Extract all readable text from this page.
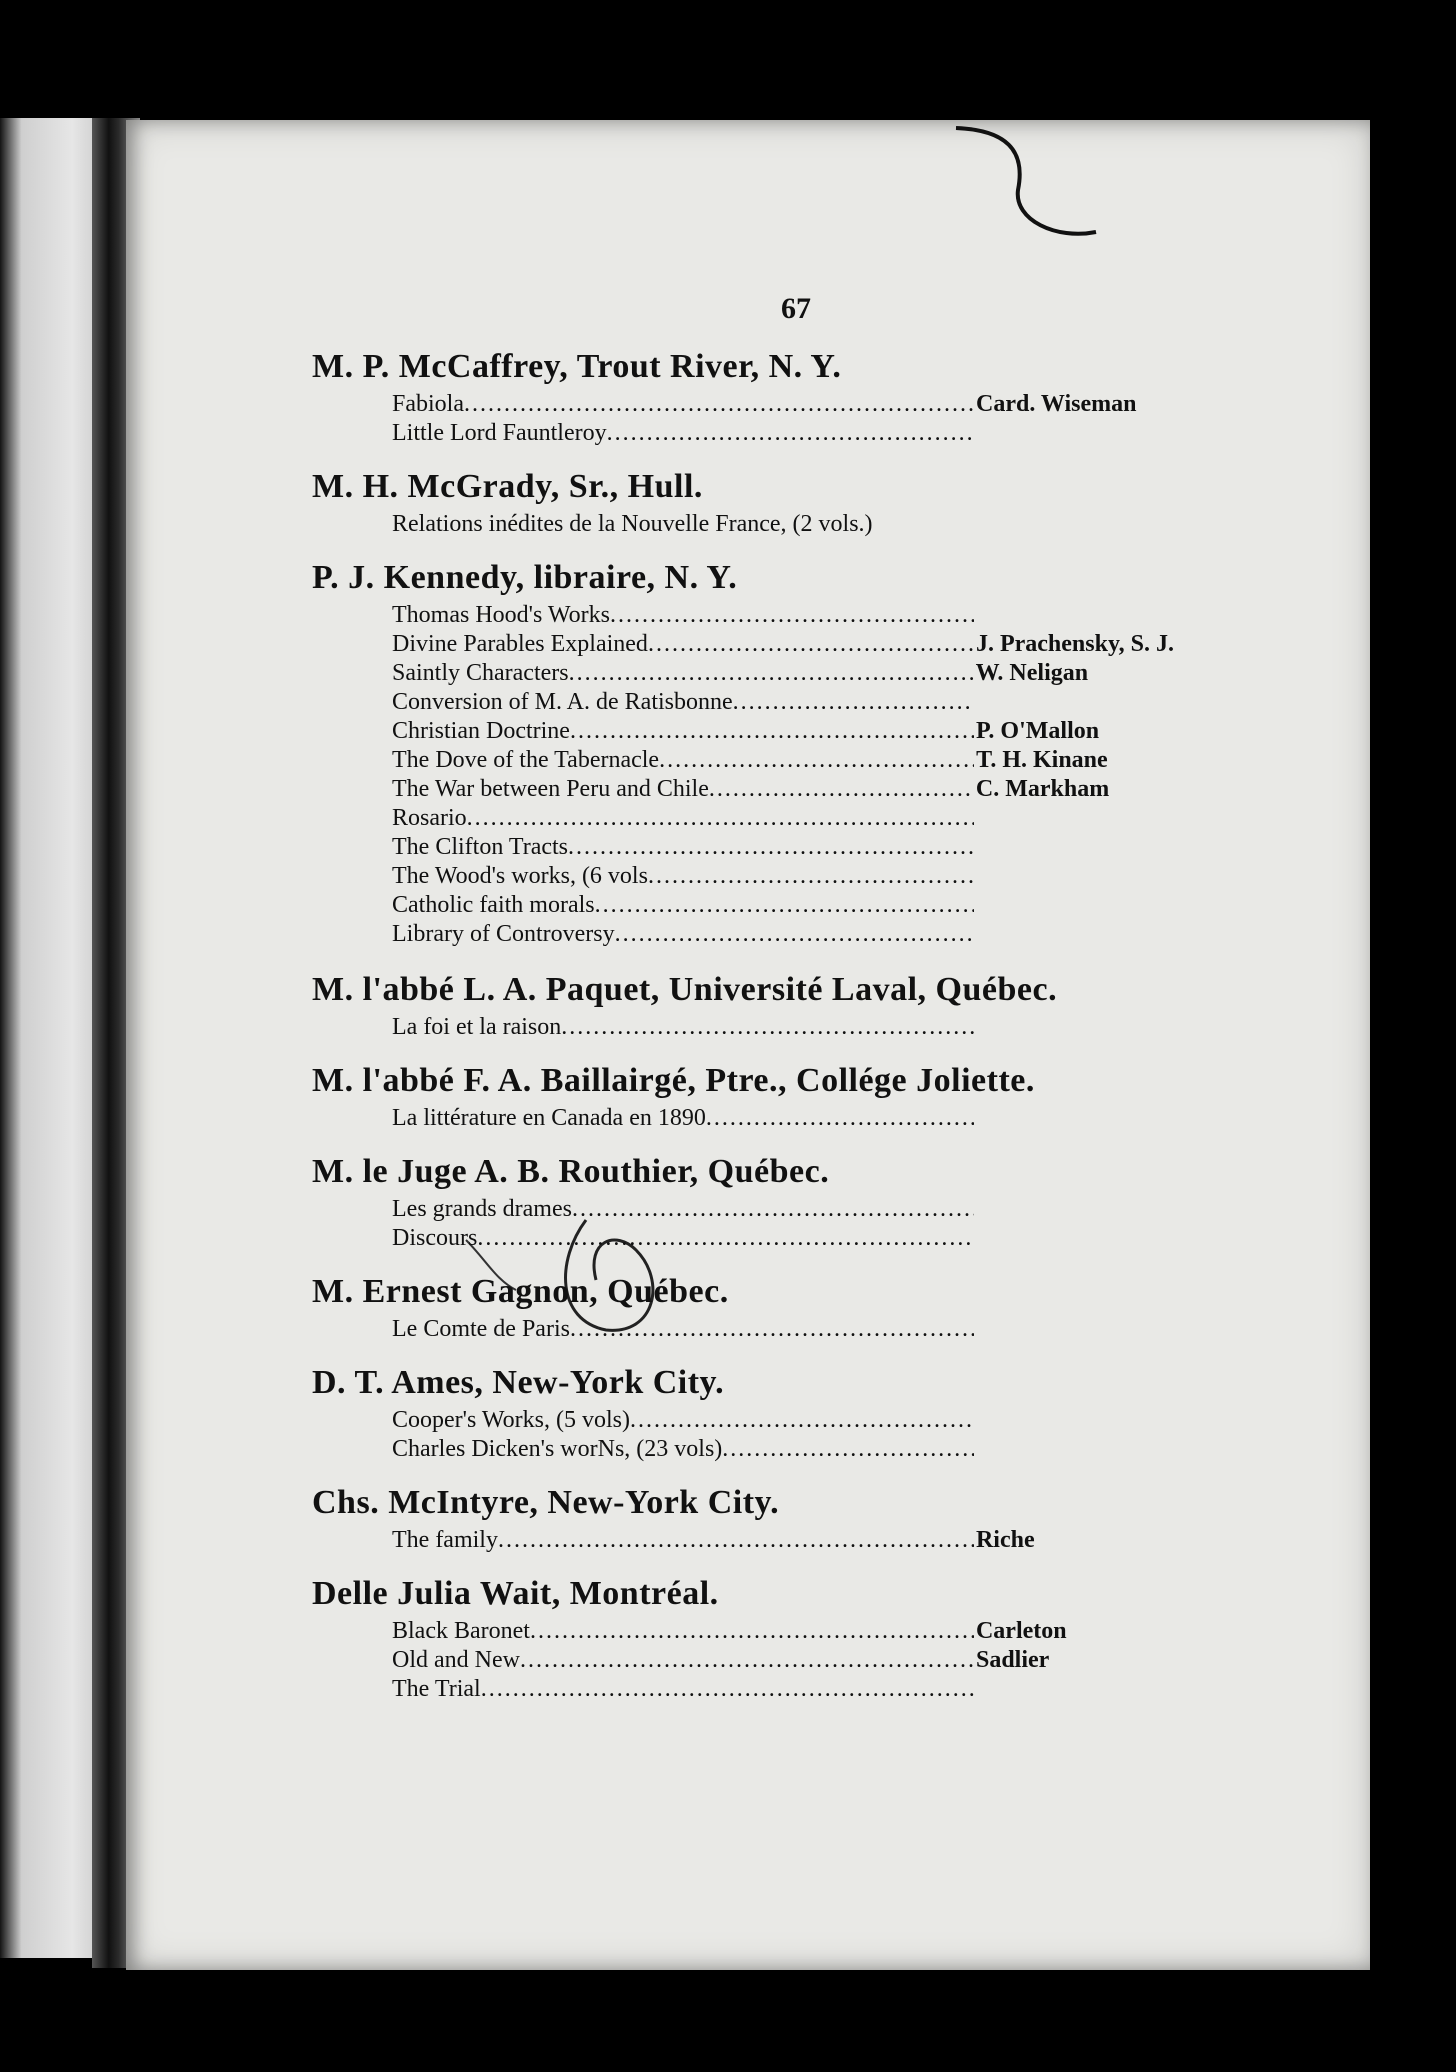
67
M. P. McCaffrey, Trout River, N. Y.
Fabiola .....	Card. Wiseman
Little Lord Fauntleroy
.....
M. H. McGrady, Sr., Hull.
Relations inédites de la Nouvelle France, (2 vols.)
P. J. Kennedy, libraire, N. Y.
Thomas Hood's Works
.....
Divine Parables Explained .....	J. Prachensky, S. J.
Saintly Characters .....	W. Neligan
Conversion of M. A. de Ratisbonne
.....
Christian Doctrine .....	P. O'Mallon
The Dove of the Tabernacle .....	T. H. Kinane
The War between Peru and Chile .....	C. Markham
Rosario
.....
The Clifton Tracts
.....
The Wood's works, (6 vols
.....
Catholic faith morals
.....
Library of Controversy
.....
M. l'abbé L. A. Paquet, Université Laval, Québec.
La foi et la raison
.....
M. l'abbé F. A. Baillairgé, Ptre., Collége Joliette.
La littérature en Canada en 1890
.....
M. le Juge A. B. Routhier, Québec.
Les grands drames
.....
Discours
.....
M. Ernest Gagnon, Québec.
Le Comte de Paris
.....
D. T. Ames, New-York City.
Cooper's Works, (5 vols)
.....
Charles Dicken's worNs, (23 vols)
.....
Chs. McIntyre, New-York City.
The family .....	Riche
Delle Julia Wait, Montréal.
Black Baronet .....	Carleton
Old and New .....	Sadlier
The Trial
.....
